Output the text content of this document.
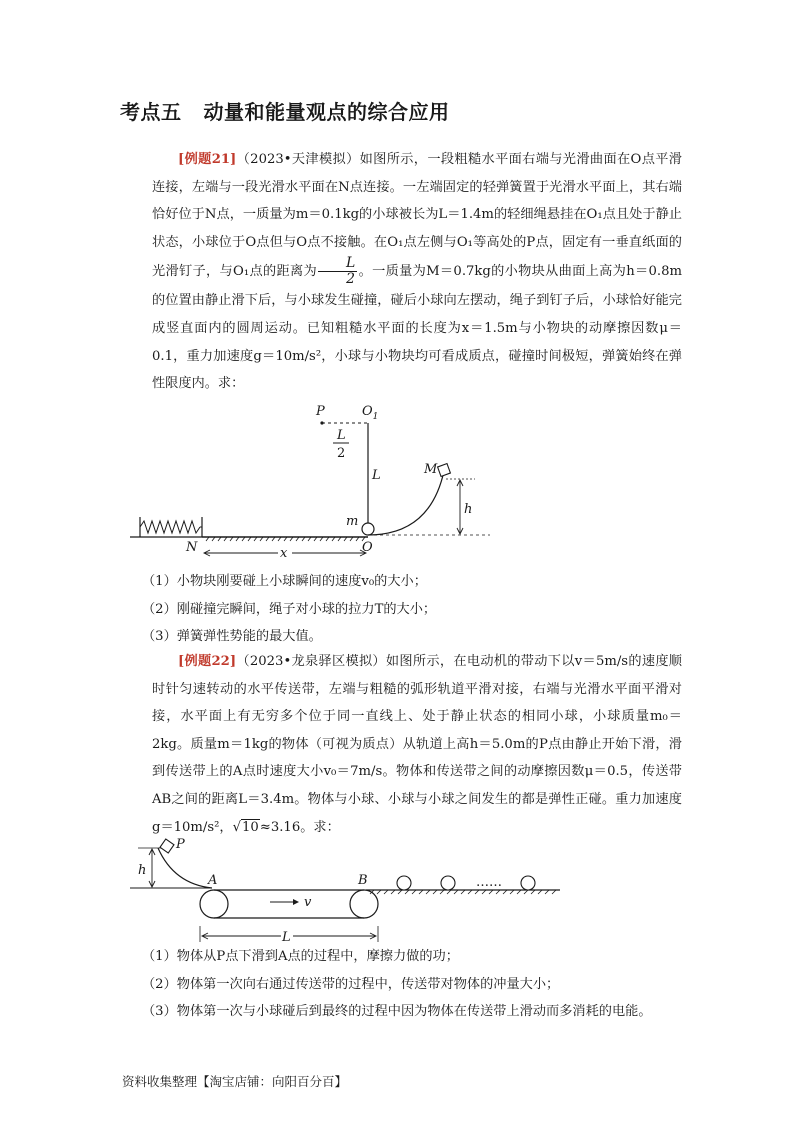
考点五 动量和能量观点的综合应用
[例题21]（2023•天津模拟）如图所示，一段粗糙水平面右端与光滑曲面在O点平滑连接，左端与一段光滑水平面在N点连接。一左端固定的轻弹簧置于光滑水平面上，其右端恰好位于N点，一质量为m＝0.1kg的小球被长为L＝1.4m的轻细绳悬挂在O₁点且处于静止状态，小球位于O点但与O点不接触。在O₁点左侧与O₁等高处的P点，固定有一垂直纸面的光滑钉子，与O₁点的距离为 $\frac{L}{2}$ 。一质量为M＝0.7kg的小物块从曲面上高为h＝0.8m的位置由静止滑下后，与小球发生碰撞，碰后小球向左摆动，绳子到钉子后，小球恰好能完成竖直面内的圆周运动。已知粗糙水平面的长度为x＝1.5m与小物块的动摩擦因数μ＝0.1，重力加速度g＝10m/s²，小球与小物块均可看成质点，碰撞时间极短，弹簧始终在弹性限度内。求：
P	$O_1$
L
2
L
m
M
h
N	O
x
（1）小物块刚要碰上小球瞬间的速度v₀的大小；
（2）刚碰撞完瞬间，绳子对小球的拉力T的大小；
（3）弹簧弹性势能的最大值。
[例题22]（2023•龙泉驿区模拟）如图所示，在电动机的带动下以v＝5m/s的速度顺时针匀速转动的水平传送带，左端与粗糙的弧形轨道平滑对接，右端与光滑水平面平滑对接，水平面上有无穷多个位于同一直线上、处于静止状态的相同小球，小球质量m₀＝2kg。质量m＝1kg的物体（可视为质点）从轨道上高h＝5.0m的P点由静止开始下滑，滑到传送带上的A点时速度大小v₀＝7m/s。物体和传送带之间的动摩擦因数μ＝0.5，传送带AB之间的距离L＝3.4m。物体与小球、小球与小球之间发生的都是弹性正碰。重力加速度g＝10m/s²，√10≈3.16。求：
h
P
A	B
v
L
……
（1）物体从P点下滑到A点的过程中，摩擦力做的功；
（2）物体第一次向右通过传送带的过程中，传送带对物体的冲量大小；
（3）物体第一次与小球碰后到最终的过程中因为物体在传送带上滑动而多消耗的电能。
资料收集整理【淘宝店铺：向阳百分百】
